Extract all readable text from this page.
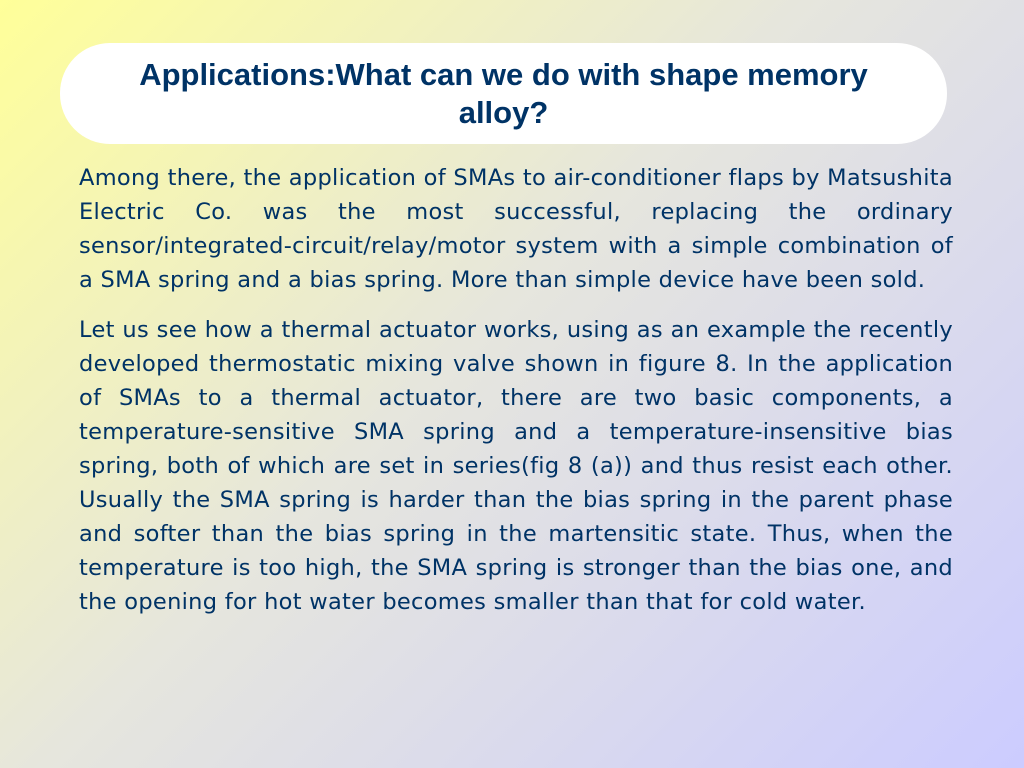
Applications:What can we do with shape memory alloy?

Among there, the application of SMAs to air-conditioner flaps by Matsushita Electric Co. was the most successful, replacing the ordinary sensor/integrated-circuit/relay/motor system with a simple combination of a SMA spring and a bias spring. More than simple device have been sold.

Let us see how a thermal actuator works, using as an example the recently developed thermostatic mixing valve shown in figure 8. In the application of SMAs to a thermal actuator, there are two basic components, a temperature-sensitive SMA spring and a temperature-insensitive bias spring, both of which are set in series(fig 8 (a)) and thus resist each other. Usually the SMA spring is harder than the bias spring in the parent phase and softer than the bias spring in the martensitic state. Thus, when the temperature is too high, the SMA spring is stronger than the bias one, and the opening for hot water becomes smaller than that for cold water.
